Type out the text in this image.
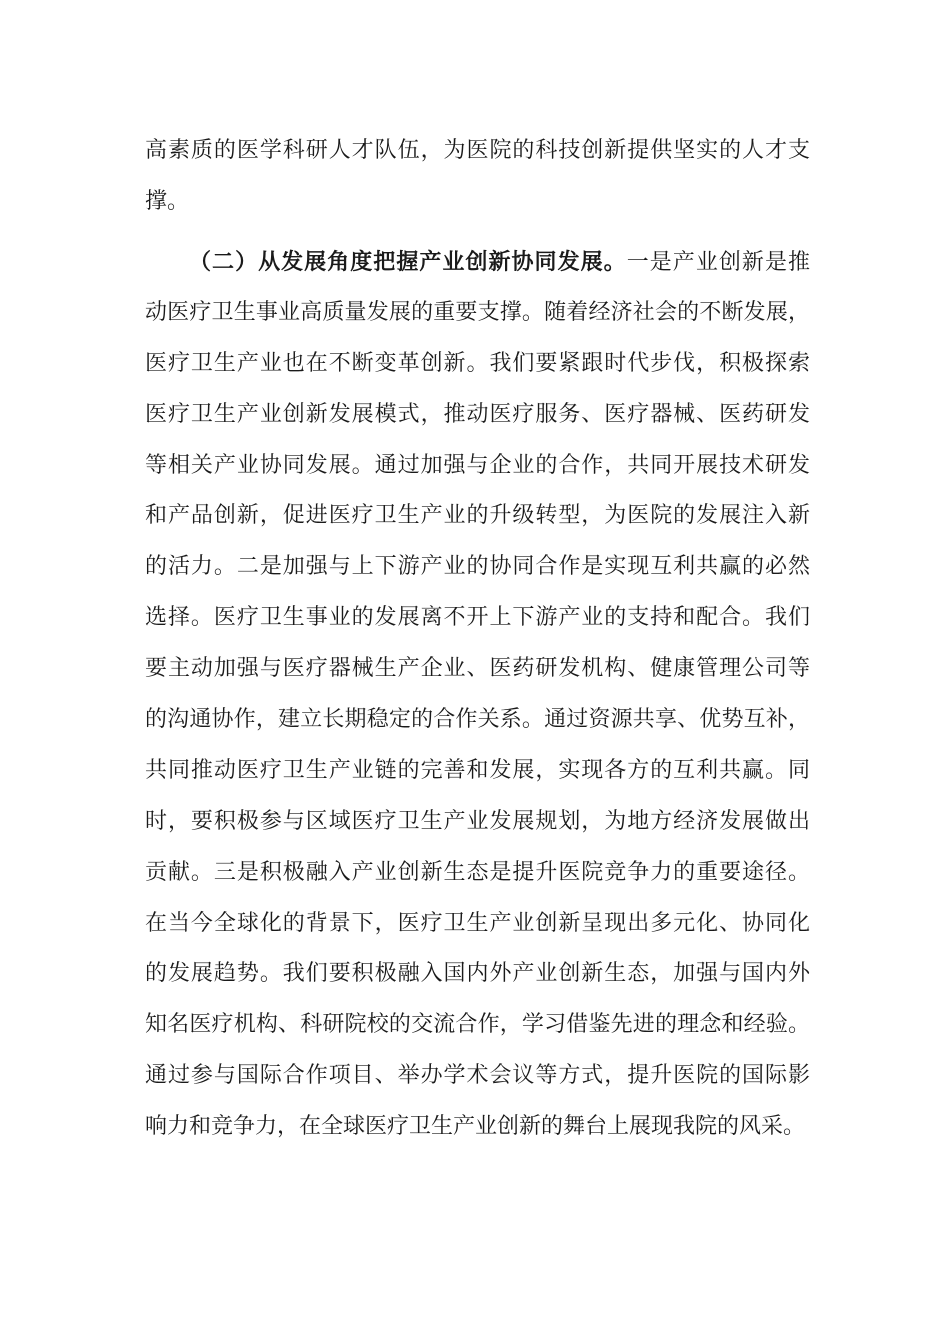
高素质的医学科研人才队伍，为医院的科技创新提供坚实的人才支
撑。
（二）从发展角度把握产业创新协同发展。一是产业创新是推
动医疗卫生事业高质量发展的重要支撑。随着经济社会的不断发展，
医疗卫生产业也在不断变革创新。我们要紧跟时代步伐，积极探索
医疗卫生产业创新发展模式，推动医疗服务、医疗器械、医药研发
等相关产业协同发展。通过加强与企业的合作，共同开展技术研发
和产品创新，促进医疗卫生产业的升级转型，为医院的发展注入新
的活力。二是加强与上下游产业的协同合作是实现互利共赢的必然
选择。医疗卫生事业的发展离不开上下游产业的支持和配合。我们
要主动加强与医疗器械生产企业、医药研发机构、健康管理公司等
的沟通协作，建立长期稳定的合作关系。通过资源共享、优势互补，
共同推动医疗卫生产业链的完善和发展，实现各方的互利共赢。同
时，要积极参与区域医疗卫生产业发展规划，为地方经济发展做出
贡献。三是积极融入产业创新生态是提升医院竞争力的重要途径。
在当今全球化的背景下，医疗卫生产业创新呈现出多元化、协同化
的发展趋势。我们要积极融入国内外产业创新生态，加强与国内外
知名医疗机构、科研院校的交流合作，学习借鉴先进的理念和经验。
通过参与国际合作项目、举办学术会议等方式，提升医院的国际影
响力和竞争力，在全球医疗卫生产业创新的舞台上展现我院的风采。
